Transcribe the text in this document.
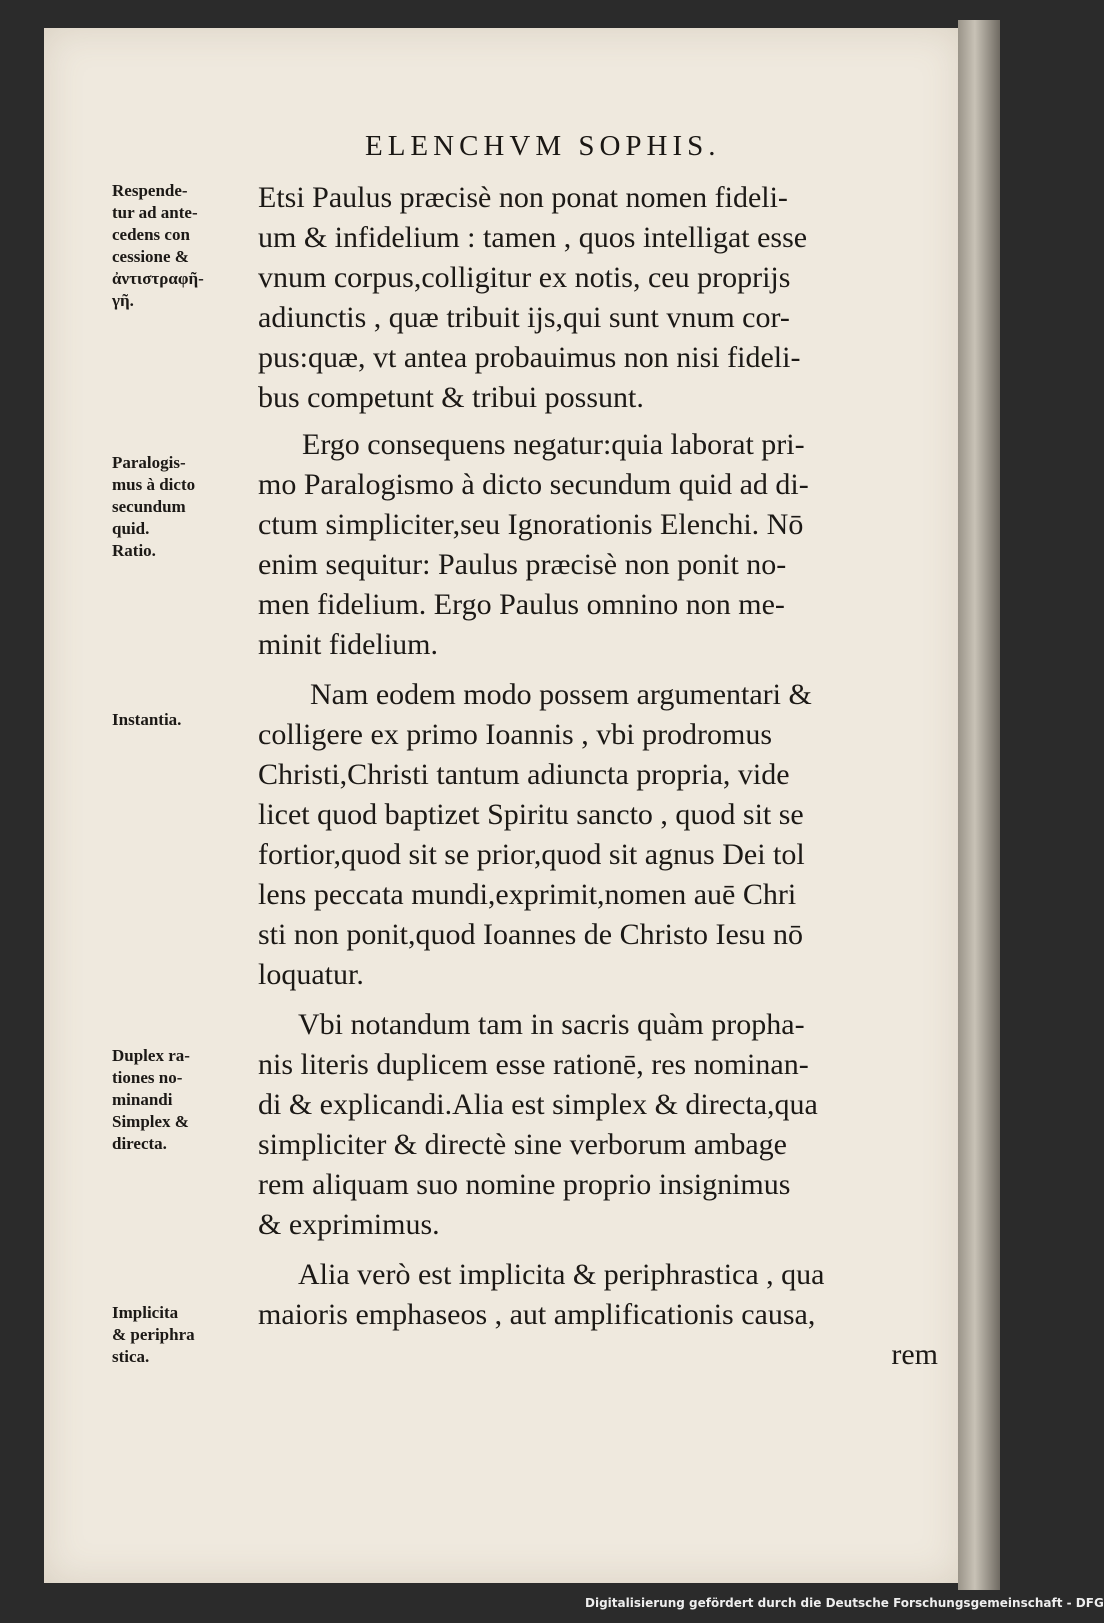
ELENCHVM SOPHIS.
Etsi Paulus præcisè non ponat nomen fideli-
um & infidelium : tamen , quos intelligat esse
vnum corpus,colligitur ex notis, ceu proprijs
adiunctis , quæ tribuit ijs,qui sunt vnum cor-
pus:quæ, vt antea probauimus non nisi fideli-
bus competunt & tribui possunt.
Ergo consequens negatur:quia laborat pri-
mo Paralogismo à dicto secundum quid ad di-
ctum simpliciter,seu Ignorationis Elenchi. Nō
enim sequitur: Paulus præcisè non ponit no-
men fidelium. Ergo Paulus omnino non me-
minit fidelium.
Nam eodem modo possem argumentari &
colligere ex primo Ioannis , vbi prodromus
Christi,Christi tantum adiuncta propria, vide
licet quod baptizet Spiritu sancto , quod sit se
fortior,quod sit se prior,quod sit agnus Dei tol
lens peccata mundi,exprimit,nomen auē Chri
sti non ponit,quod Ioannes de Christo Iesu nō
loquatur.
Vbi notandum tam in sacris quàm propha-
nis literis duplicem esse rationē, res nominan-
di & explicandi.Alia est simplex & directa,qua
simpliciter & directè sine verborum ambage
rem aliquam suo nomine proprio insignimus
& exprimimus.
Alia verò est implicita & periphrastica , qua
maioris emphaseos , aut amplificationis causa,
rem
Respende-
tur ad ante-
cedens con
cessione &
ἀντιστραφῆ-
γῆ.
Paralogis-
mus à dicto
secundum
quid.
Ratio.
Instantia.
Duplex ra-
tiones no-
minandi
Simplex &
directa.
Implicita
& periphra
stica.
Digitalisierung gefördert durch die Deutsche Forschungsgemeinschaft - DFG
